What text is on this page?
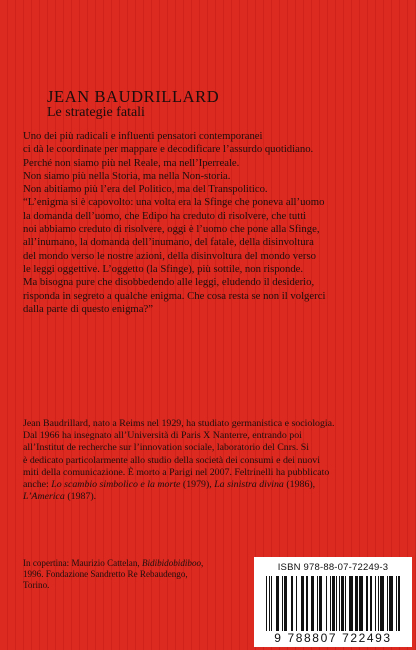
JEAN BAUDRILLARD
Le strategie fatali

Uno dei più radicali e influenti pensatori contemporanei

ci dà le coordinate per mappare e decodificare l’assurdo quotidiano.

Perché non siamo più nel Reale, ma nell’Iperreale.

Non siamo più nella Storia, ma nella Non-storia.

Non abitiamo più l’era del Politico, ma del Transpolitico.

“L’enigma si è capovolto: una volta era la Sfinge che poneva all’uomo

la domanda dell’uomo, che Edipo ha creduto di risolvere, che tutti

noi abbiamo creduto di risolvere, oggi è l’uomo che pone alla Sfinge,

all’inumano, la domanda dell’inumano, del fatale, della disinvoltura

del mondo verso le nostre azioni, della disinvoltura del mondo verso

le leggi oggettive. L’oggetto (la Sfinge), più sottile, non risponde.

Ma bisogna pure che disobbedendo alle leggi, eludendo il desiderio,

risponda in segreto a qualche enigma. Che cosa resta se non il volgerci

dalla parte di questo enigma?”

Jean Baudrillard, nato a Reims nel 1929, ha studiato germanistica e sociologia.

Dal 1966 ha insegnato all’Università di Paris X Nanterre, entrando poi

all’Institut de recherche sur l’innovation sociale, laboratorio del Cnrs. Si

è dedicato particolarmente allo studio della società dei consumi e dei nuovi

miti della comunicazione. È morto a Parigi nel 2007. Feltrinelli ha pubblicato

anche: Lo scambio simbolico e la morte (1979), La sinistra divina (1986),

L’America (1987).

In copertina: Maurizio Cattelan, Bidibidobidiboo,

1996. Fondazione Sandretto Re Rebaudengo,

Torino.

ISBN 978-88-07-72249-3
9 788807 722493
